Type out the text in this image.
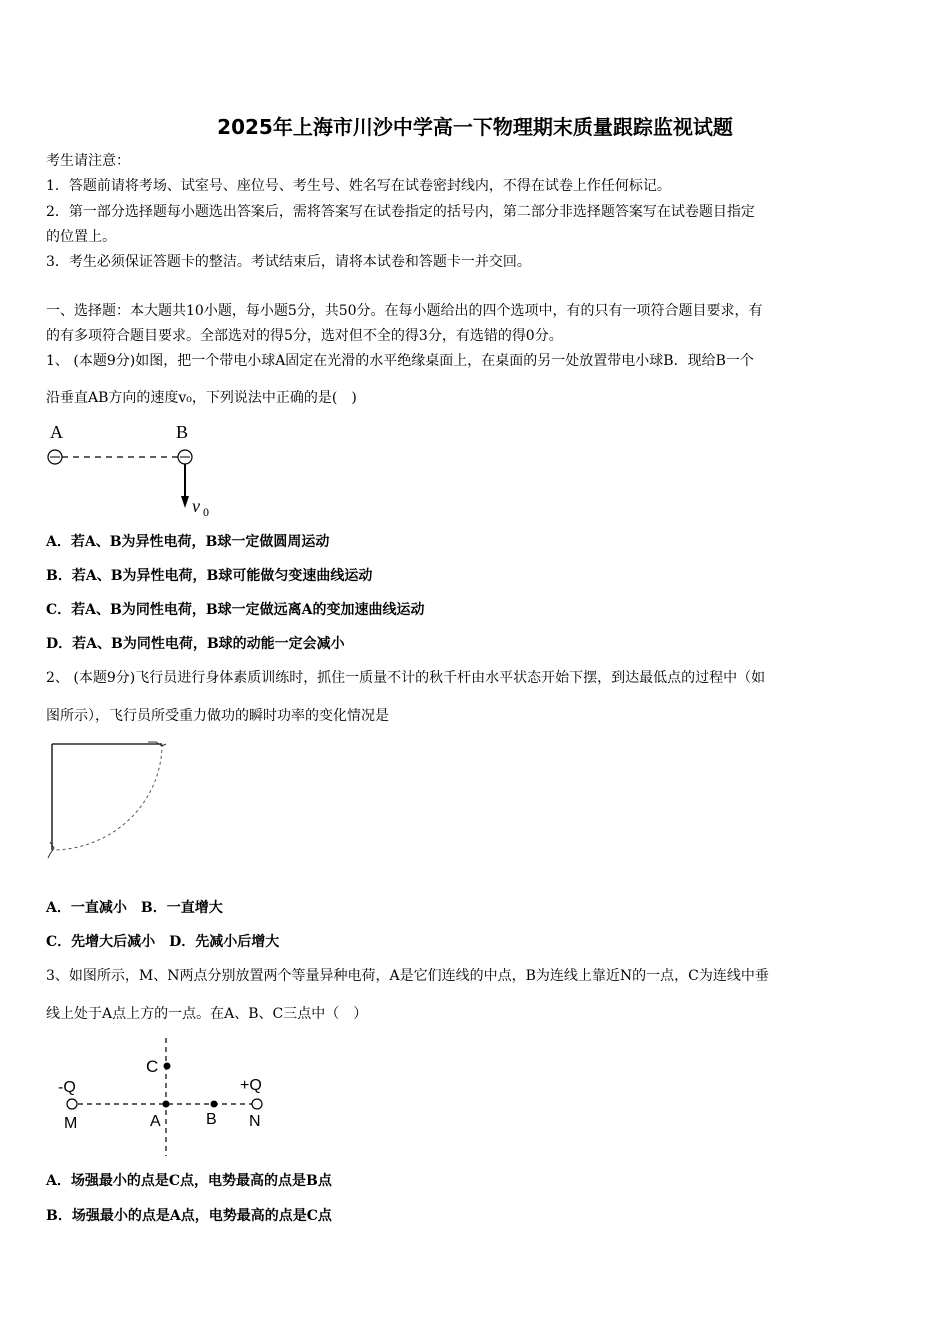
2025年上海市川沙中学高一下物理期末质量跟踪监视试题
考生请注意：
1．答题前请将考场、试室号、座位号、考生号、姓名写在试卷密封线内，不得在试卷上作任何标记。
2．第一部分选择题每小题选出答案后，需将答案写在试卷指定的括号内，第二部分非选择题答案写在试卷题目指定
的位置上。
3．考生必须保证答题卡的整洁。考试结束后，请将本试卷和答题卡一并交回。
一、选择题：本大题共10小题，每小题5分，共50分。在每小题给出的四个选项中，有的只有一项符合题目要求，有
的有多项符合题目要求。全部选对的得5分，选对但不全的得3分，有选错的得0分。
1、 (本题9分)如图，把一个带电小球A固定在光滑的水平绝缘桌面上，在桌面的另一处放置带电小球B．现给B一个
沿垂直AB方向的速度v₀，下列说法中正确的是(　)
A	B
v 0
A．若A、B为异性电荷，B球一定做圆周运动
B．若A、B为异性电荷，B球可能做匀变速曲线运动
C．若A、B为同性电荷，B球一定做远离A的变加速曲线运动
D．若A、B为同性电荷，B球的动能一定会减小
2、 (本题9分)飞行员进行身体素质训练时，抓住一质量不计的秋千杆由水平状态开始下摆，到达最低点的过程中（如
图所示），飞行员所受重力做功的瞬时功率的变化情况是
A．一直减小　B．一直增大
C．先增大后减小　D．先减小后增大
3、如图所示，M、N两点分别放置两个等量异种电荷，A是它们连线的中点，B为连线上靠近N的一点，C为连线中垂
线上处于A点上方的一点。在A、B、C三点中（　）
C
-Q	+Q
M	A	B N
A．场强最小的点是C点，电势最高的点是B点
B．场强最小的点是A点，电势最高的点是C点
